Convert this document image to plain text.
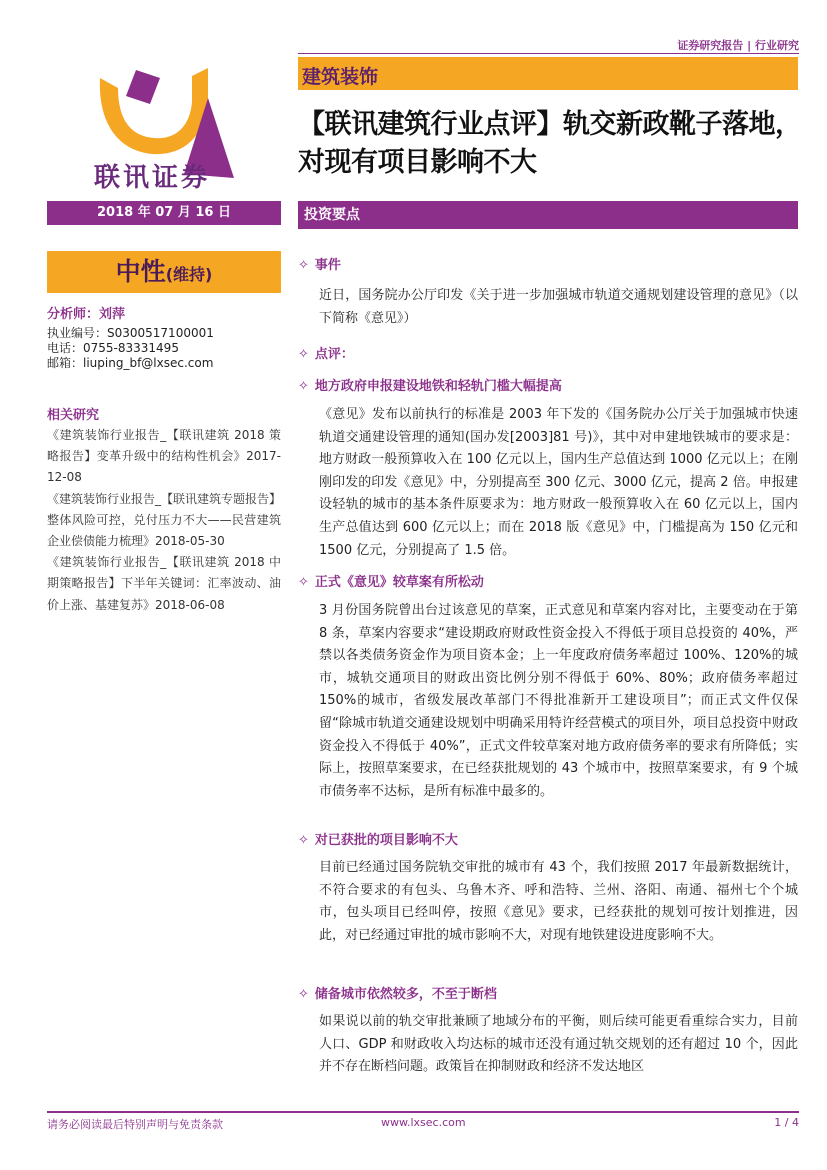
证券研究报告 | 行业研究
建筑装饰
联讯证券
【联讯建筑行业点评】轨交新政靴子落地，对现有项目影响不大
2018 年 07 月 16 日	投资要点
中性(维持)
分析师：刘萍
执业编号：S0300517100001
电话：0755-83331495
邮箱：liuping_bf@lxsec.com
相关研究
《建筑装饰行业报告_【联讯建筑 2018 策略报告】变革升级中的结构性机会》2017-12-08
《建筑装饰行业报告_【联讯建筑专题报告】整体风险可控，兑付压力不大——民营建筑企业偿债能力梳理》2018-05-30
《建筑装饰行业报告_【联讯建筑 2018 中期策略报告】下半年关键词：汇率波动、油价上涨、基建复苏》2018-06-08
✧ 事件
近日，国务院办公厅印发《关于进一步加强城市轨道交通规划建设管理的意见》（以下简称《意见》）
✧ 点评：
✧ 地方政府申报建设地铁和轻轨门槛大幅提高
《意见》发布以前执行的标准是 2003 年下发的《国务院办公厅关于加强城市快速轨道交通建设管理的通知(国办发[2003]81 号)》，其中对申建地铁城市的要求是：地方财政一般预算收入在 100 亿元以上，国内生产总值达到 1000 亿元以上；在刚刚印发的印发《意见》中，分别提高至 300 亿元、3000 亿元，提高 2 倍。申报建设轻轨的城市的基本条件原要求为：地方财政一般预算收入在 60 亿元以上，国内生产总值达到 600 亿元以上；而在 2018 版《意见》中，门槛提高为 150 亿元和 1500 亿元，分别提高了 1.5 倍。
✧ 正式《意见》较草案有所松动
3 月份国务院曾出台过该意见的草案，正式意见和草案内容对比，主要变动在于第 8 条，草案内容要求“建设期政府财政性资金投入不得低于项目总投资的 40%，严禁以各类债务资金作为项目资本金；上一年度政府债务率超过 100%、120%的城市，城轨交通项目的财政出资比例分别不得低于 60%、80%；政府债务率超过 150%的城市，省级发展改革部门不得批准新开工建设项目”；而正式文件仅保留“除城市轨道交通建设规划中明确采用特许经营模式的项目外，项目总投资中财政资金投入不得低于 40%”，正式文件较草案对地方政府债务率的要求有所降低；实际上，按照草案要求，在已经获批规划的 43 个城市中，按照草案要求，有 9 个城市债务率不达标，是所有标准中最多的。
✧ 对已获批的项目影响不大
目前已经通过国务院轨交审批的城市有 43 个，我们按照 2017 年最新数据统计，不符合要求的有包头、乌鲁木齐、呼和浩特、兰州、洛阳、南通、福州七个个城市，包头项目已经叫停，按照《意见》要求，已经获批的规划可按计划推进，因此，对已经通过审批的城市影响不大，对现有地铁建设进度影响不大。
✧ 储备城市依然较多，不至于断档
如果说以前的轨交审批兼顾了地域分布的平衡，则后续可能更看重综合实力，目前人口、GDP 和财政收入均达标的城市还没有通过轨交规划的还有超过 10 个，因此并不存在断档问题。政策旨在抑制财政和经济不发达地区
请务必阅读最后特别声明与免责条款	www.lxsec.com	1 / 4
